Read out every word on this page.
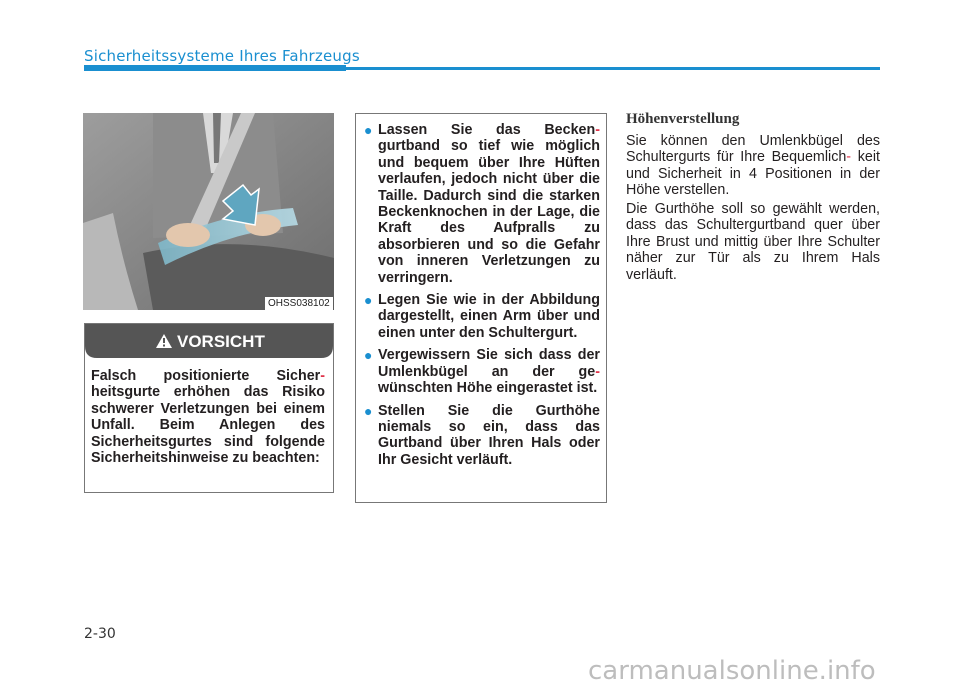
Sicherheitssysteme Ihres Fahrzeugs
OHSS038102
VORSICHT
Falsch positionierte Sicher- heitsgurte erhöhen das Risiko schwerer Verletzungen bei einem Unfall. Beim Anlegen des Sicherheitsgurtes sind folgende Sicherheitshinweise zu beachten:
● Lassen Sie das Becken- gurtband so tief wie möglich und bequem über Ihre Hüften verlaufen, jedoch nicht über die Taille. Dadurch sind die starken Beckenknochen in der Lage, die Kraft des Aufpralls zu absorbieren und so die Gefahr von inneren Verletzungen zu verringern.
● Legen Sie wie in der Abbildung dargestellt, einen Arm über und einen unter den Schultergurt.
● Vergewissern Sie sich dass der Umlenkbügel an der ge- wünschten Höhe eingerastet ist.
● Stellen Sie die Gurthöhe niemals so ein, dass das Gurtband über Ihren Hals oder Ihr Gesicht verläuft.
Höhenverstellung
Sie können den Umlenkbügel des Schultergurts für Ihre Bequemlich- keit und Sicherheit in 4 Positionen in der Höhe verstellen.
Die Gurthöhe soll so gewählt werden, dass das Schultergurtband quer über Ihre Brust und mittig über Ihre Schulter näher zur Tür als zu Ihrem Hals verläuft.
2-30
carmanualsonline.info
